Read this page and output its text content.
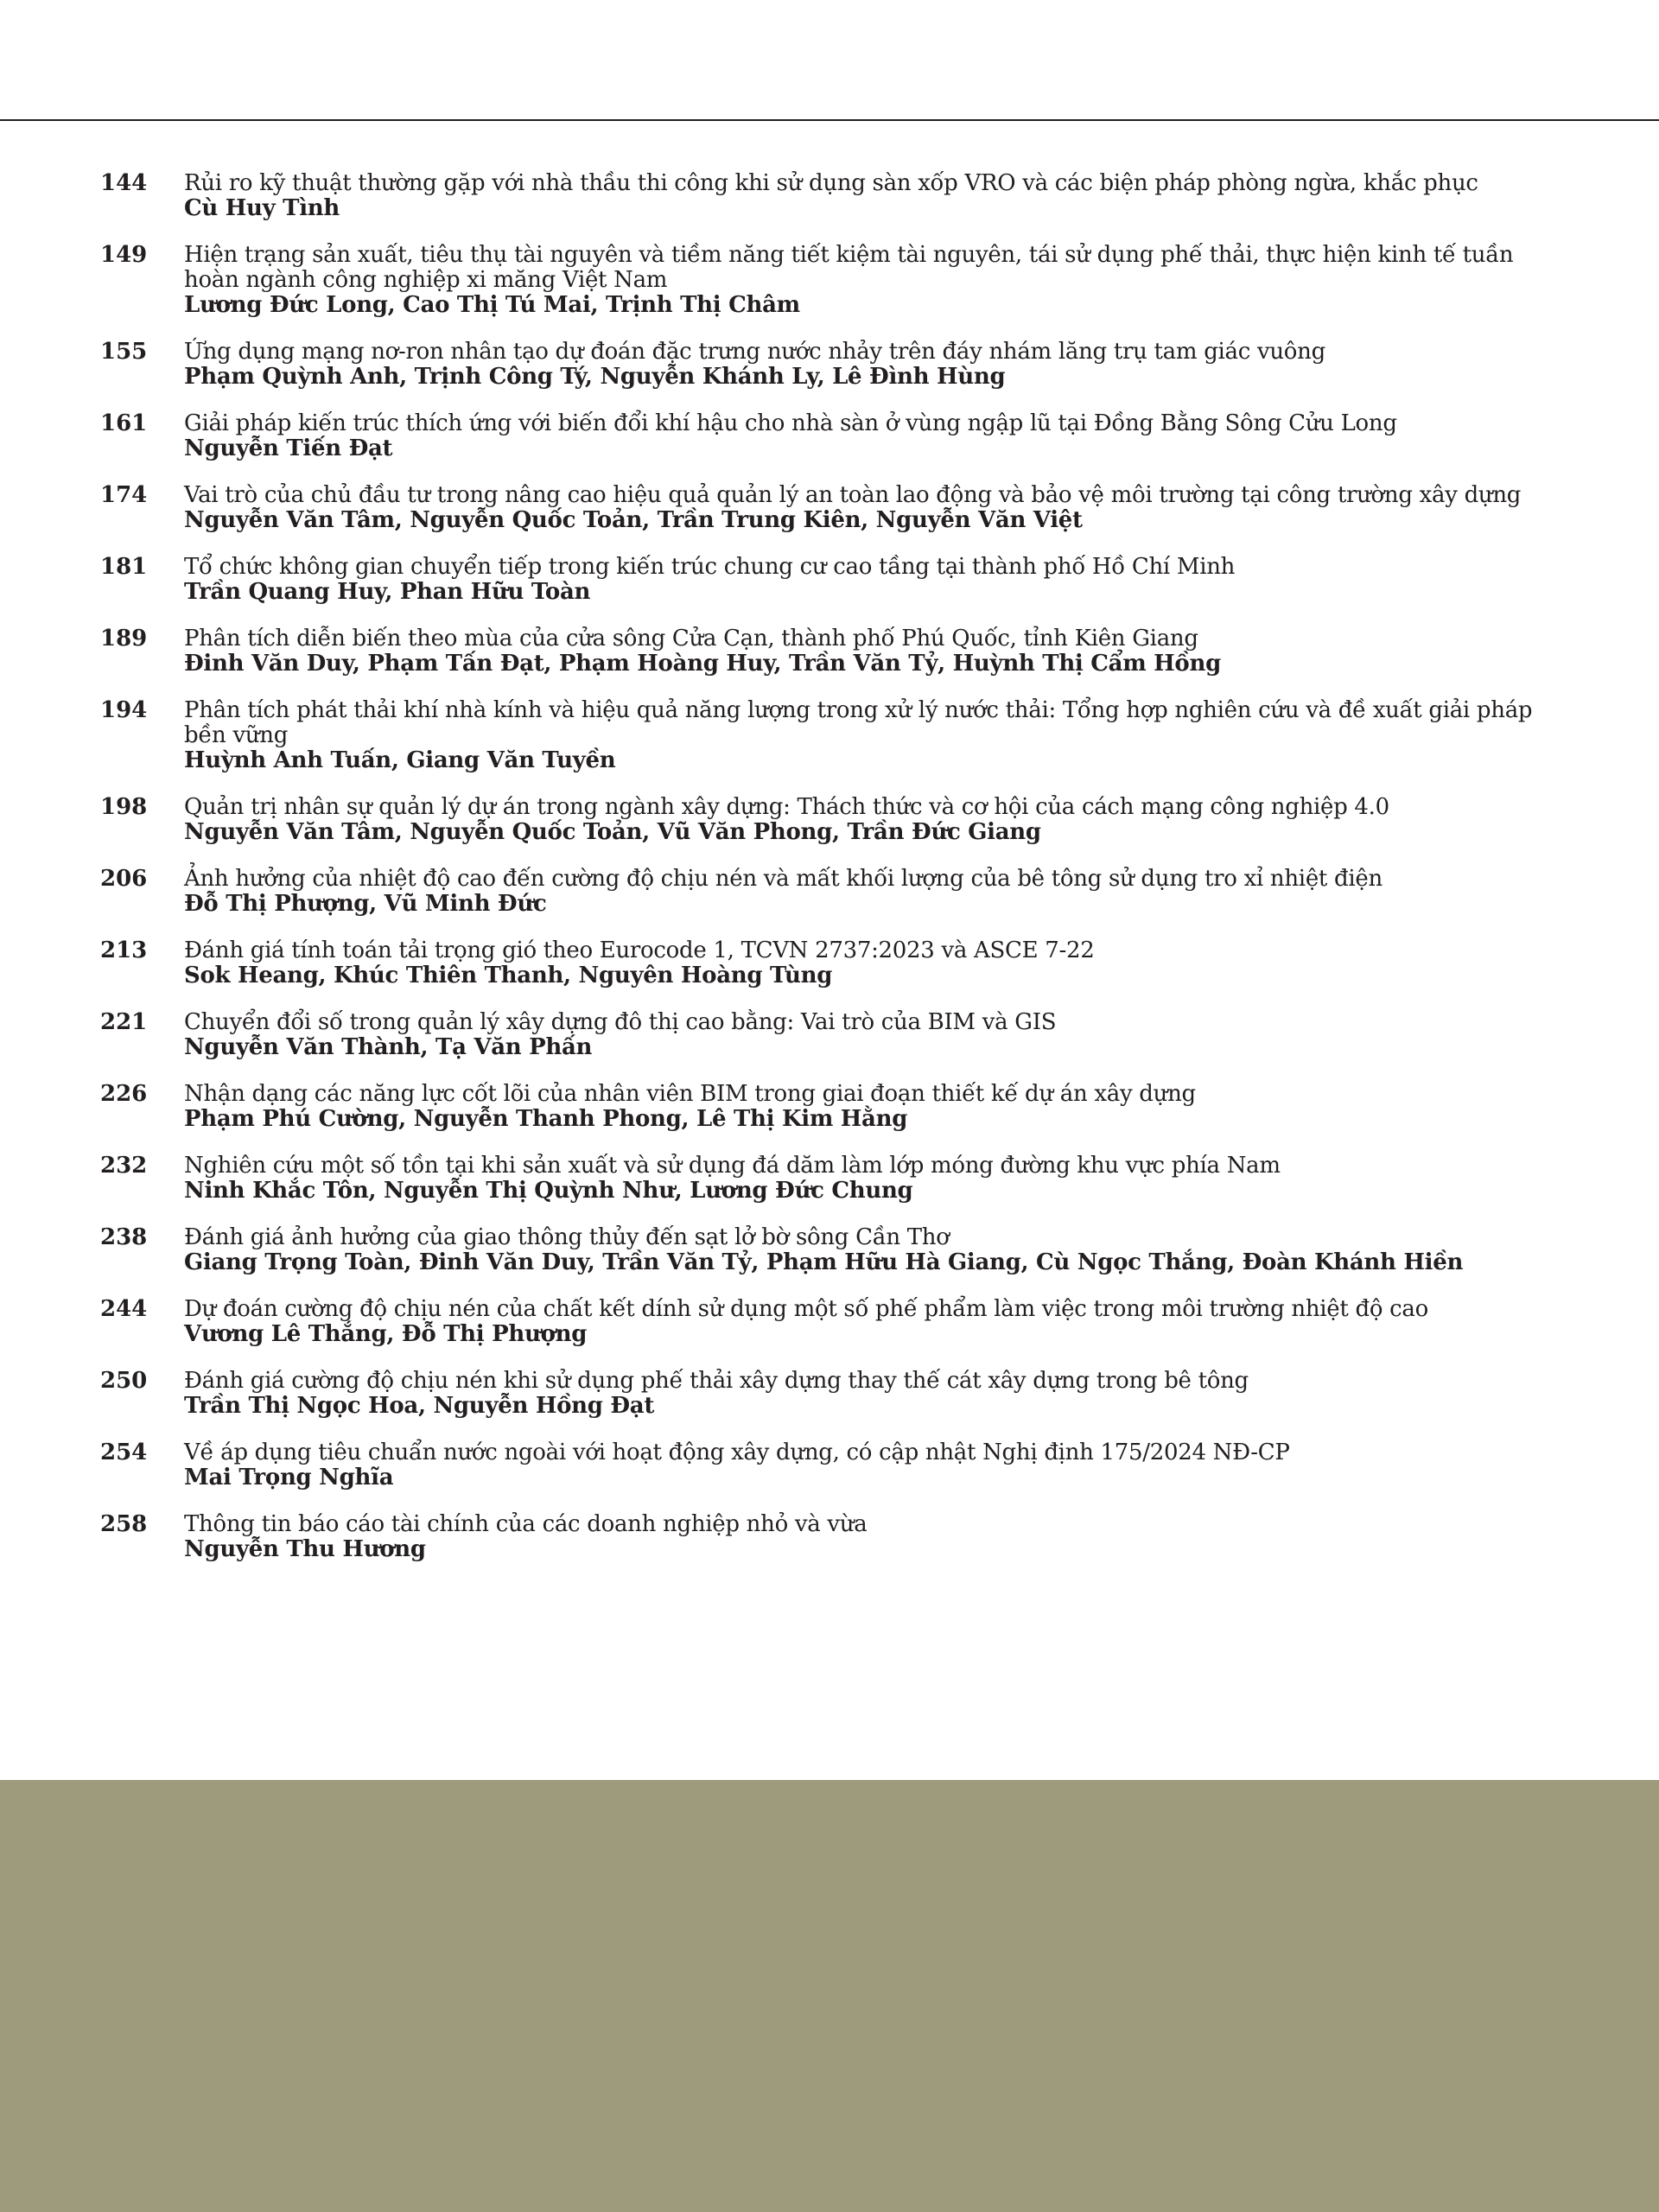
144 Rủi ro kỹ thuật thường gặp với nhà thầu thi công khi sử dụng sàn xốp VRO và các biện pháp phòng ngừa, khắc phục
Cù Huy Tình
149 Hiện trạng sản xuất, tiêu thụ tài nguyên và tiềm năng tiết kiệm tài nguyên, tái sử dụng phế thải, thực hiện kinh tế tuần hoàn ngành công nghiệp xi măng Việt Nam
Lương Đức Long, Cao Thị Tú Mai, Trịnh Thị Châm
155 Ứng dụng mạng nơ-ron nhân tạo dự đoán đặc trưng nước nhảy trên đáy nhám lăng trụ tam giác vuông
Phạm Quỳnh Anh, Trịnh Công Tý, Nguyễn Khánh Ly, Lê Đình Hùng
161 Giải pháp kiến trúc thích ứng với biến đổi khí hậu cho nhà sàn ở vùng ngập lũ tại Đồng Bằng Sông Cửu Long
Nguyễn Tiến Đạt
174 Vai trò của chủ đầu tư trong nâng cao hiệu quả quản lý an toàn lao động và bảo vệ môi trường tại công trường xây dựng
Nguyễn Văn Tâm, Nguyễn Quốc Toản, Trần Trung Kiên, Nguyễn Văn Việt
181 Tổ chức không gian chuyển tiếp trong kiến trúc chung cư cao tầng tại thành phố Hồ Chí Minh
Trần Quang Huy, Phan Hữu Toàn
189 Phân tích diễn biến theo mùa của cửa sông Cửa Cạn, thành phố Phú Quốc, tỉnh Kiên Giang
Đinh Văn Duy, Phạm Tấn Đạt, Phạm Hoàng Huy, Trần Văn Tỷ, Huỳnh Thị Cẩm Hồng
194 Phân tích phát thải khí nhà kính và hiệu quả năng lượng trong xử lý nước thải: Tổng hợp nghiên cứu và đề xuất giải pháp bền vững
Huỳnh Anh Tuấn, Giang Văn Tuyền
198 Quản trị nhân sự quản lý dự án trong ngành xây dựng: Thách thức và cơ hội của cách mạng công nghiệp 4.0
Nguyễn Văn Tâm, Nguyễn Quốc Toản, Vũ Văn Phong, Trần Đức Giang
206 Ảnh hưởng của nhiệt độ cao đến cường độ chịu nén và mất khối lượng của bê tông sử dụng tro xỉ nhiệt điện
Đỗ Thị Phượng, Vũ Minh Đức
213 Đánh giá tính toán tải trọng gió theo Eurocode 1, TCVN 2737:2023 và ASCE 7-22
Sok Heang, Khúc Thiên Thanh, Nguyên Hoàng Tùng
221 Chuyển đổi số trong quản lý xây dựng đô thị cao bằng: Vai trò của BIM và GIS
Nguyễn Văn Thành, Tạ Văn Phấn
226 Nhận dạng các năng lực cốt lõi của nhân viên BIM trong giai đoạn thiết kế dự án xây dựng
Phạm Phú Cường, Nguyễn Thanh Phong, Lê Thị Kim Hằng
232 Nghiên cứu một số tồn tại khi sản xuất và sử dụng đá dăm làm lớp móng đường khu vực phía Nam
Ninh Khắc Tôn, Nguyễn Thị Quỳnh Như, Lương Đức Chung
238 Đánh giá ảnh hưởng của giao thông thủy đến sạt lở bờ sông Cần Thơ
Giang Trọng Toàn, Đinh Văn Duy, Trần Văn Tỷ, Phạm Hữu Hà Giang, Cù Ngọc Thắng, Đoàn Khánh Hiền
244 Dự đoán cường độ chịu nén của chất kết dính sử dụng một số phế phẩm làm việc trong môi trường nhiệt độ cao
Vương Lê Thắng, Đỗ Thị Phượng
250 Đánh giá cường độ chịu nén khi sử dụng phế thải xây dựng thay thế cát xây dựng trong bê tông
Trần Thị Ngọc Hoa, Nguyễn Hồng Đạt
254 Về áp dụng tiêu chuẩn nước ngoài với hoạt động xây dựng, có cập nhật Nghị định 175/2024 NĐ-CP
Mai Trọng Nghĩa
258 Thông tin báo cáo tài chính của các doanh nghiệp nhỏ và vừa
Nguyễn Thu Hương
